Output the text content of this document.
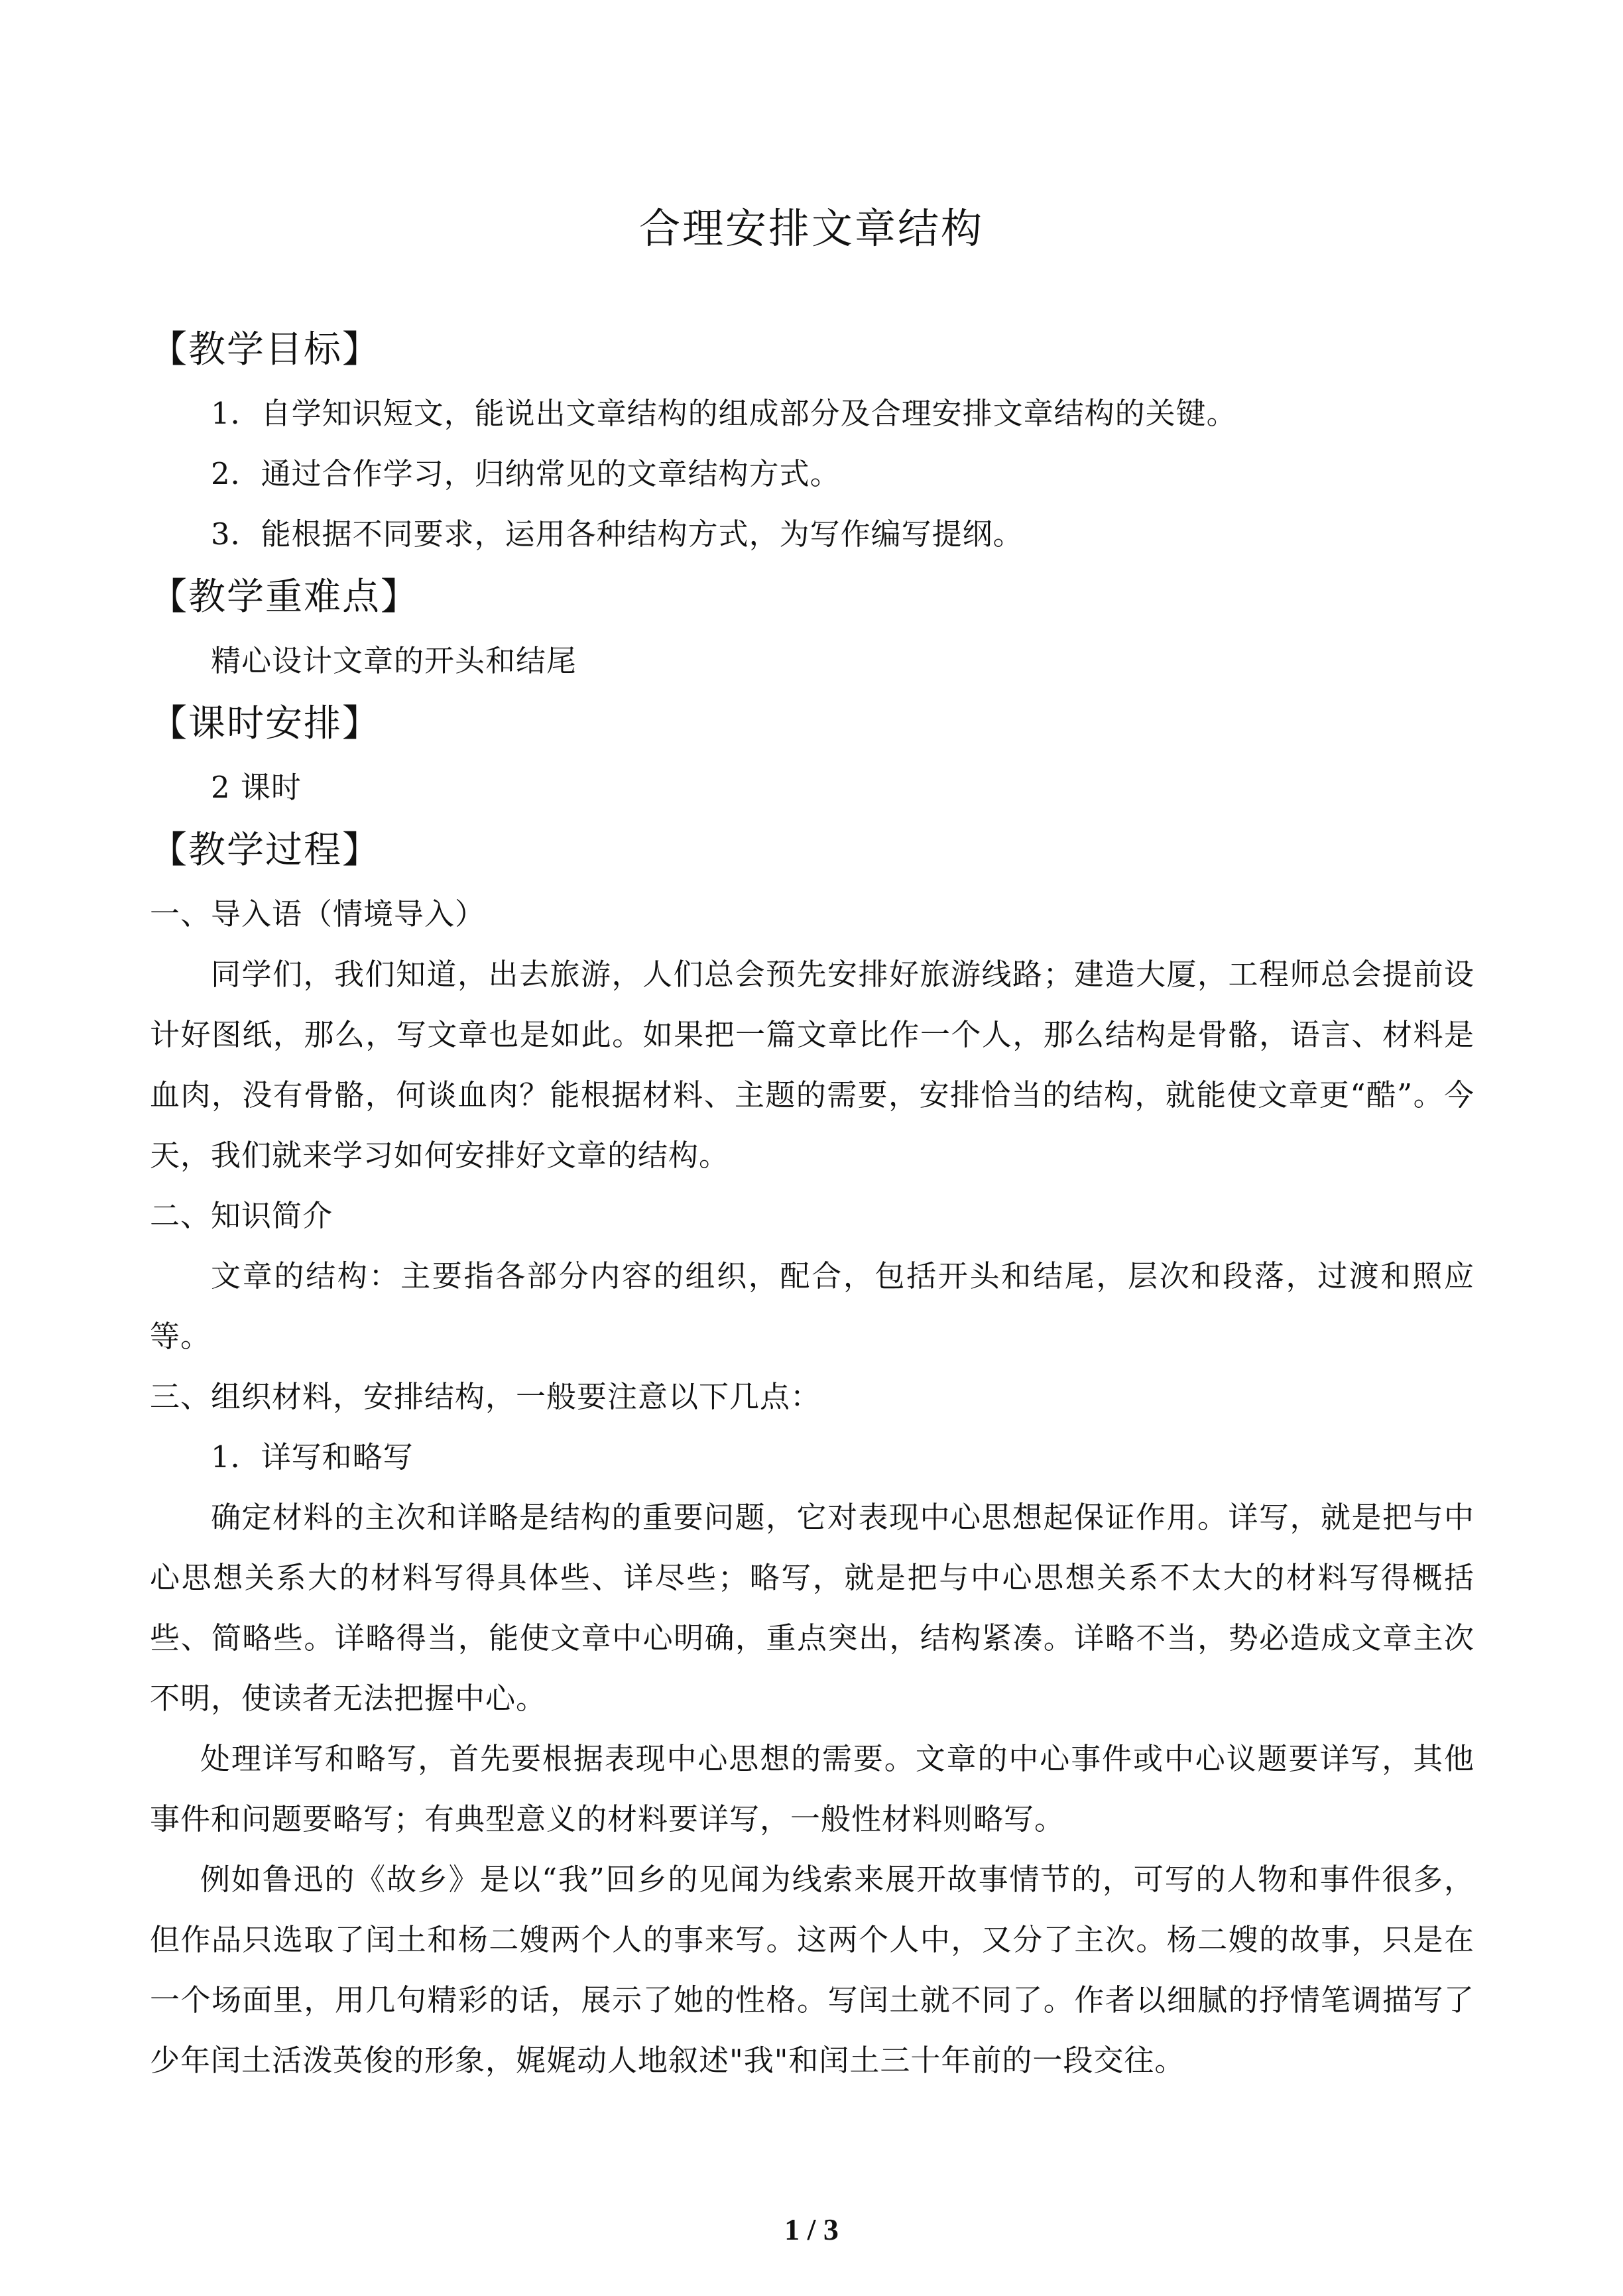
合理安排文章结构

【教学目标】

1．自学知识短文，能说出文章结构的组成部分及合理安排文章结构的关键。

2．通过合作学习，归纳常见的文章结构方式。

3．能根据不同要求，运用各种结构方式，为写作编写提纲。

【教学重难点】

精心设计文章的开头和结尾

【课时安排】

2 课时

【教学过程】

一、导入语（情境导入）

同学们，我们知道，出去旅游，人们总会预先安排好旅游线路；建造大厦，工程师总会提前设计好图纸，那么，写文章也是如此。如果把一篇文章比作一个人，那么结构是骨骼，语言、材料是血肉，没有骨骼，何谈血肉？能根据材料、主题的需要，安排恰当的结构，就能使文章更“酷”。今天，我们就来学习如何安排好文章的结构。

二、知识简介

文章的结构：主要指各部分内容的组织，配合，包括开头和结尾，层次和段落，过渡和照应等。

三、组织材料，安排结构，一般要注意以下几点：

1．详写和略写

确定材料的主次和详略是结构的重要问题，它对表现中心思想起保证作用。详写，就是把与中心思想关系大的材料写得具体些、详尽些；略写，就是把与中心思想关系不太大的材料写得概括些、简略些。详略得当，能使文章中心明确，重点突出，结构紧凑。详略不当，势必造成文章主次不明，使读者无法把握中心。

处理详写和略写，首先要根据表现中心思想的需要。文章的中心事件或中心议题要详写，其他事件和问题要略写；有典型意义的材料要详写，一般性材料则略写。

例如鲁迅的《故乡》是以“我”回乡的见闻为线索来展开故事情节的，可写的人物和事件很多，但作品只选取了闰土和杨二嫂两个人的事来写。这两个人中，又分了主次。杨二嫂的故事，只是在一个场面里，用几句精彩的话，展示了她的性格。写闰土就不同了。作者以细腻的抒情笔调描写了少年闰土活泼英俊的形象，娓娓动人地叙述"我"和闰土三十年前的一段交往。

1 / 3
